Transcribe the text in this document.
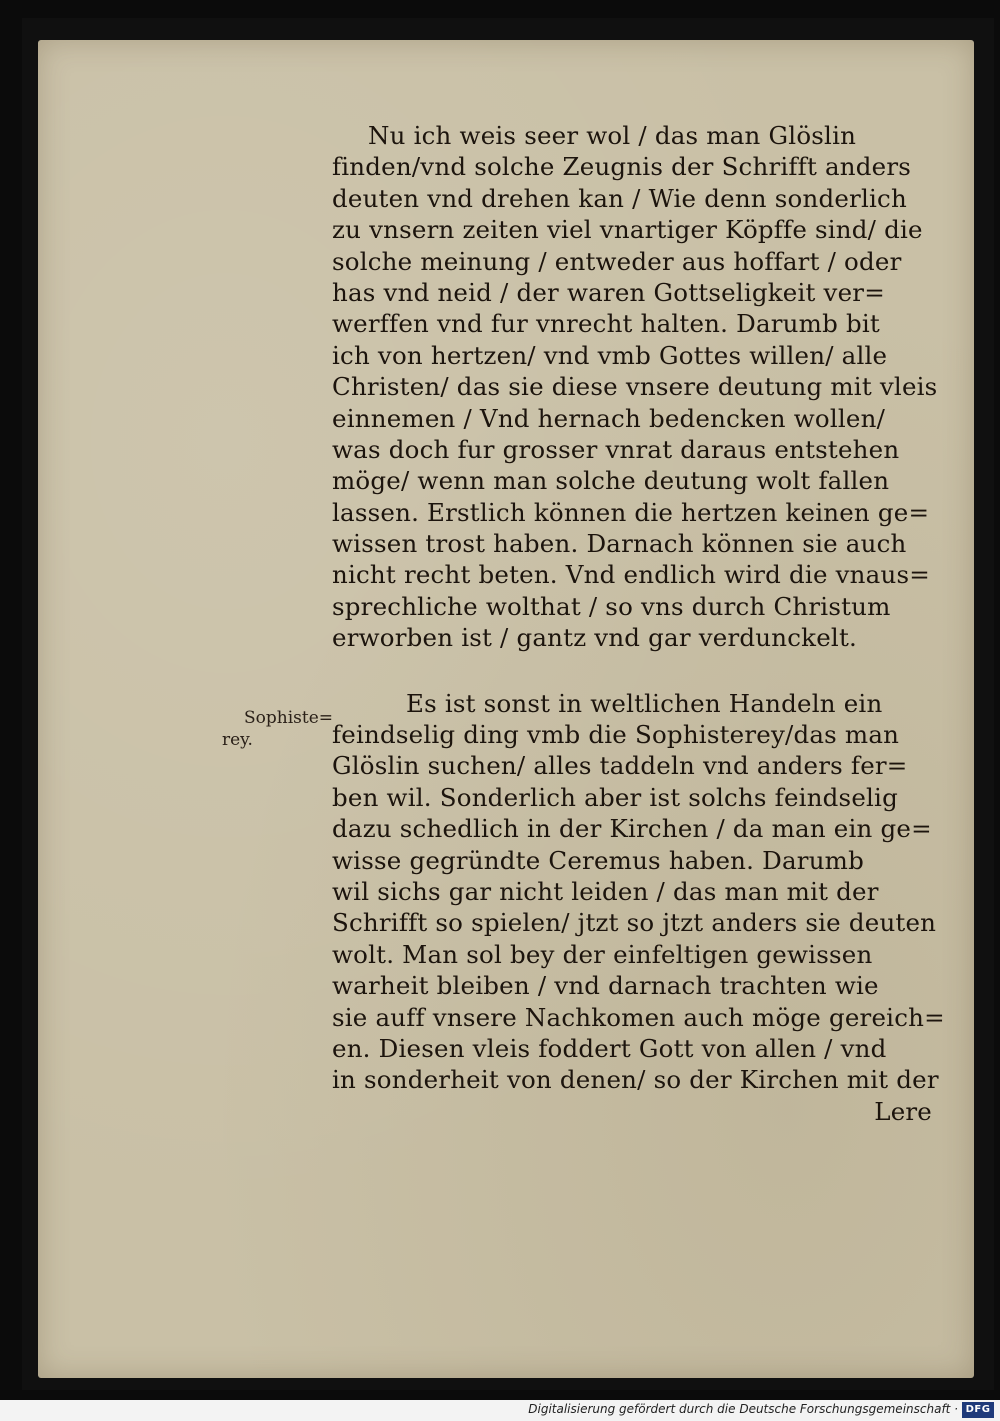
Sophiste=
rey.
Nu ich weis seer wol / das man Glöslin
finden/vnd solche Zeugnis der Schrifft anders
deuten vnd drehen kan / Wie denn sonderlich
zu vnsern zeiten viel vnartiger Köpffe sind/ die
solche meinung / entweder aus hoffart / oder
has vnd neid / der waren Gottseligkeit ver=
werffen vnd fur vnrecht halten. Darumb bit
ich von hertzen/ vnd vmb Gottes willen/ alle
Christen/ das sie diese vnsere deutung mit vleis
einnemen / Vnd hernach bedencken wollen/
was doch fur grosser vnrat daraus entstehen
möge/ wenn man solche deutung wolt fallen
lassen. Erstlich können die hertzen keinen ge=
wissen trost haben. Darnach können sie auch
nicht recht beten. Vnd endlich wird die vnaus=
sprechliche wolthat / so vns durch Christum
erworben ist / gantz vnd gar verdunckelt.
Es ist sonst in weltlichen Handeln ein
feindselig ding vmb die Sophisterey/das man
Glöslin suchen/ alles taddeln vnd anders fer=
ben wil. Sonderlich aber ist solchs feindselig
dazu schedlich in der Kirchen / da man ein ge=
wisse gegründte Ceremus haben. Darumb
wil sichs gar nicht leiden / das man mit der
Schrifft so spielen/ jtzt so jtzt anders sie deuten
wolt. Man sol bey der einfeltigen gewissen
warheit bleiben / vnd darnach trachten wie
sie auff vnsere Nachkomen auch möge gereich=
en. Diesen vleis foddert Gott von allen / vnd
in sonderheit von denen/ so der Kirchen mit der
Lere
Digitalisierung gefördert durch die Deutsche Forschungsgemeinschaft · DFG
